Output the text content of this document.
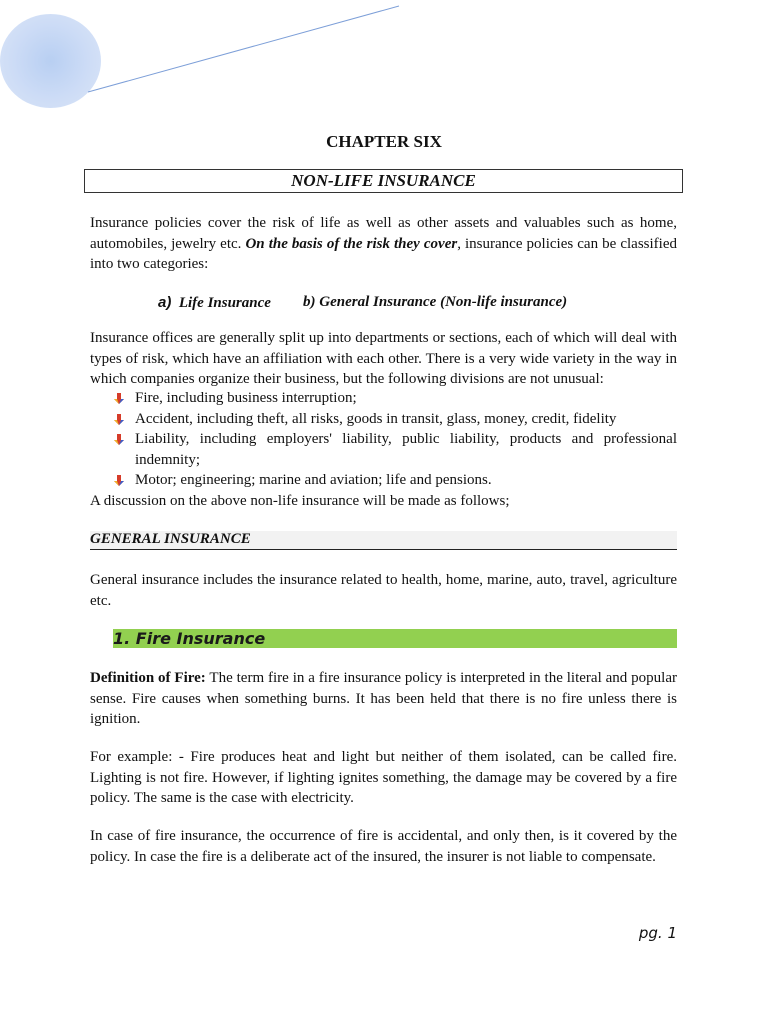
CHAPTER SIX
NON-LIFE INSURANCE

Insurance policies cover the risk of life as well as other assets and valuables such as home, automobiles, jewelry etc. On the basis of the risk they cover, insurance policies can be classified into two categories:

a) Life Insurance b) General Insurance (Non-life insurance)

Insurance offices are generally split up into departments or sections, each of which will deal with types of risk, which have an affiliation with each other. There is a very wide variety in the way in which companies organize their business, but the following divisions are not unusual:

Fire, including business interruption;
Accident, including theft, all risks, goods in transit, glass, money, credit, fidelity
Liability, including employers' liability, public liability, products and professional indemnity;
Motor; engineering; marine and aviation; life and pensions.

A discussion on the above non-life insurance will be made as follows;

GENERAL INSURANCE

General insurance includes the insurance related to health, home, marine, auto, travel, agriculture etc.

1. Fire Insurance

Definition of Fire: The term fire in a fire insurance policy is interpreted in the literal and popular sense. Fire causes when something burns. It has been held that there is no fire unless there is ignition.

For example: - Fire produces heat and light but neither of them isolated, can be called fire. Lighting is not fire. However, if lighting ignites something, the damage may be covered by a fire policy. The same is the case with electricity.

In case of fire insurance, the occurrence of fire is accidental, and only then, is it covered by the policy. In case the fire is a deliberate act of the insured, the insurer is not liable to compensate.

pg. 1
